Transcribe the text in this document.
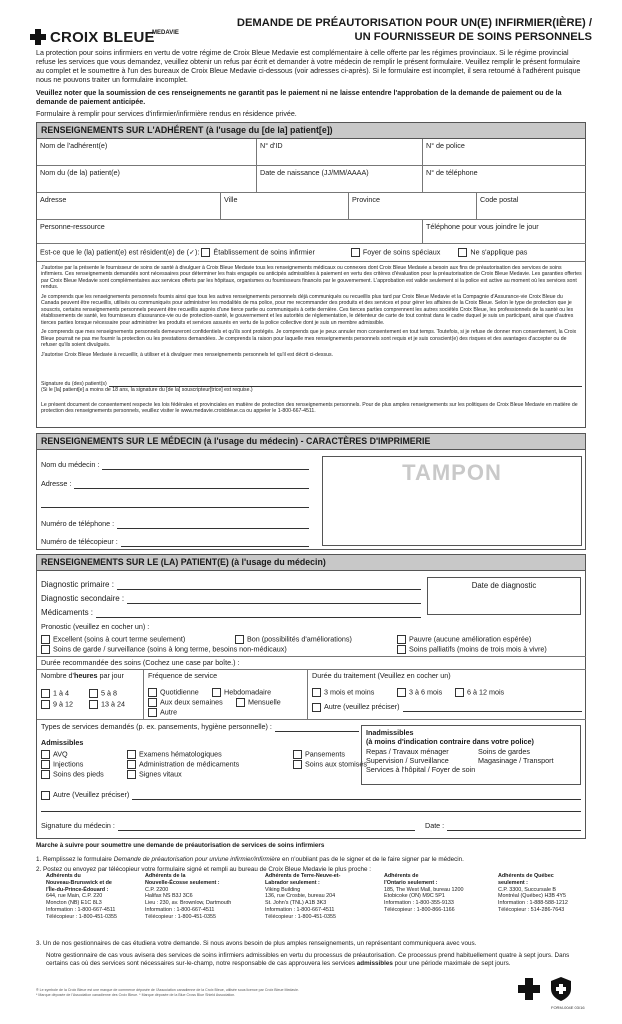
CROIX BLEUE
MEDAVIE
DEMANDE DE PRÉAUTORISATION POUR UN(E) INFIRMIER(IÈRE) /
UN FOURNISSEUR DE SOINS PERSONNELS

La protection pour soins infirmiers en vertu de votre régime de Croix Bleue Medavie est complémentaire à celle offerte par les régimes provinciaux. Si le régime provincial refuse les services que vous demandez, veuillez obtenir un refus par écrit et demander à votre médecin de remplir le présent formulaire. Veuillez remplir le présent formulaire au complet et le soumettre à l'un des bureaux de Croix Bleue Medavie ci-dessous (voir adresses ci-après). Si le formulaire est incomplet, il sera retourné à l'adhérent puisque nous ne pouvons traiter un formulaire incomplet.

Veuillez noter que la soumission de ces renseignements ne garantit pas le paiement ni ne laisse entendre l'approbation de la demande de paiement ou de la demande de paiement anticipée.

Formulaire à remplir pour services d'infirmier/infirmière rendus en résidence privée.

RENSEIGNEMENTS SUR L'ADHÉRENT (à l'usage du [de la] patient[e])
Nom de l'adhérent(e)	N° d'ID	N° de police
Nom du (de la) patient(e)	Date de naissance (JJ/MM/AAAA)	N° de téléphone
Adresse	Ville	Province	Code postal
Personne-ressource	Téléphone pour vous joindre le jour
Est-ce que le (la) patient(e) est résident(e) de (✓): Établissement de soins infirmier	Foyer de soins spéciaux	Ne s'applique pas

J'autorise par la présente le fournisseur de soins de santé à divulguer à Croix Bleue Medavie tous les renseignements médicaux ou connexes dont Croix Bleue Medavie a besoin aux fins de préautorisation des services de soins infirmiers. Ces renseignements demandés sont nécessaires pour déterminer les frais engagés ou anticipés admissibles à paiement en vertu des critères d'évaluation pour la préautorisation de Croix Bleue Medavie. Les garanties offertes par Croix Bleue Medavie sont complémentaires aux services offerts par les hôpitaux, organismes ou fournisseurs financés par le gouvernement. L'approbation est valide seulement si la police est active au moment où les services sont rendus.

Je comprends que les renseignements personnels fournis ainsi que tous les autres renseignements personnels déjà communiqués ou recueillis plus tard par Croix Bleue Medavie et la Compagnie d'Assurance-vie Croix Bleue du Canada peuvent être recueillis, utilisés ou communiqués pour administrer les modalités de ma police, pour me recommander des produits et des services et pour gérer les affaires de la Croix Bleue. Selon le type de protection que je souscris, certains renseignements personnels peuvent être recueillis auprès d'une tierce partie ou communiqués à cette dernière. Ces tierces parties comprennent les autres sociétés Croix Bleue, les professionnels de la santé ou les établissements de santé, les fournisseurs d'assurance-vie ou de protection-santé, le gouvernement et les autorités de réglementation, le détenteur de carte de tout contrat dans le cadre duquel je suis un participant, ainsi que d'autres tierces parties lorsque nécessaire pour administrer les produits et services assurés en vertu de la police collective dont je suis un membre admissible.

Je comprends que mes renseignements personnels demeureront confidentiels et qu'ils sont protégés. Je comprends que je peux annuler mon consentement en tout temps. Toutefois, si je refuse de donner mon consentement, la Croix Bleue pourrait ne pas me fournir la protection ou les prestations demandées. Je comprends la raison pour laquelle mes renseignements personnels sont requis et je suis conscient(e) des risques et des avantages d'accepter ou de refuser qu'ils soient divulgués.

J'autorise Croix Bleue Medavie à recueillir, à utiliser et à divulguer mes renseignements personnels tel qu'il est décrit ci-dessus.

Signature du (des) patient(s)
(Si le [la] patient[e] a moins de 18 ans, la signature du [de la] souscripteur[trice] est requise.)
Le présent document de consentement respecte les lois fédérales et provinciales en matière de protection des renseignements personnels. Pour de plus amples renseignements sur les politiques de Croix Bleue Medavie en matière de protection des renseignements personnels, veuillez visiter le www.medavie.croixbleue.ca ou appeler le 1-800-667-4511.
RENSEIGNEMENTS SUR LE MÉDECIN (à l'usage du médecin) - CARACTÈRES D'IMPRIMERIE
Nom du médecin :
Adresse :
Numéro de téléphone :
Numéro de télécopieur :
TAMPON
RENSEIGNEMENTS SUR LE (LA) PATIENT(E) (à l'usage du médecin)
Diagnostic primaire :
Diagnostic secondaire :
Médicaments :
Date de diagnostic
Pronostic (veuillez en cocher un) :
Excellent (soins à court terme seulement)	Bon (possibilités d'améliorations)	Pauvre (aucune amélioration espérée)
Soins de garde / surveillance (soins à long terme, besoins non-médicaux)	Soins palliatifs (moins de trois mois à vivre)
Durée recommandée des soins (Cochez une case par boîte.) :
Nombre d'heures par jour
1 à 4	5 à 8
9 à 12	13 à 24
Fréquence de service
Quotidienne	Hebdomadaire
Aux deux semaines	Mensuelle
Autre
Durée du traitement (Veuillez en cocher un)
3 mois et moins	3 à 6 mois	6 à 12 mois
Autre (veuillez préciser)
Types de services demandés (p. ex. pansements, hygiène personnelle) :
Admissibles
AVQ
Injections
Soins des pieds
Examens hématologiques
Administration de médicaments
Signes vitaux
Pansements
Soins aux stomisés
Inadmissibles
(à moins d'indication contraire dans votre police)
Repas / Travaux ménager	Soins de gardes
Supervision / Surveillance	Magasinage / Transport
Services à l'hôpital / Foyer de soin
Autre (Veuillez préciser)
Signature du médecin :	Date :
Marche à suivre pour soumettre une demande de préautorisation de services de soins infirmiers
1. Remplissez le formulaire Demande de préautorisation pour un/une infirmier/infirmière en n'oubliant pas de le signer et de le faire signer par le médecin.
2. Postez ou envoyez par télécopieur votre formulaire signé et rempli au bureau de Croix Bleue Medavie le plus proche :
Adhérents du
Nouveau-Brunswick et de
l'Île-du-Prince-Édouard :
644, rue Main, C.P. 220
Moncton (NB) E1C 8L3
Information : 1-800-667-4511
Télécopieur : 1-800-451-0355
Adhérents de la
Nouvelle-Écosse seulement :
C.P. 2200
Halifax NS B3J 3C6
Lieu : 230, av. Brownlow, Dartmouth
Information : 1-800-667-4511
Télécopieur : 1-800-451-0355
Adhérents de Terre-Neuve-et-
Labrador seulement :
Viking Building
136, rue Crosbie, bureau 204
St. John's (TNL) A1B 3K3
Information : 1-800-667-4511
Télécopieur : 1-800-451-0355
Adhérents de
l'Ontario seulement :
185, The West Mall, bureau 1200
Etobicoke (ON) M9C 5P1
Information : 1-800-355-9133
Télécopieur : 1-800-866-1166
Adhérents de Québec
seulement :
C.P. 3300, Succursale B
Montréal (Québec) H3B 4Y5
Information : 1-888-588-1212
Télécopieur : 514-286-7643
3. Un de nos gestionnaires de cas étudiera votre demande. Si nous avons besoin de plus amples renseignements, un représentant communiquera avec vous.
Notre gestionnaire de cas vous avisera des services de soins infirmiers admissibles en vertu du processus de préautorisation. Ce processus prend habituellement quatre à sept jours. Dans certains cas où des services sont nécessaires sur-le-champ, notre responsable de cas approuvera les services admissibles pour une période maximale de sept jours.
® Le symbole de la Croix Bleue est une marque de commerce déposée de l'Association canadienne de la Croix Bleue, utilisée sous licence par Croix Bleue Medavie.
* Marque déposée de l'Association canadienne des Croix Bleue. * Marque déposée de la Blue Cross Blue Shield Association.
FORM-004E 03/16
